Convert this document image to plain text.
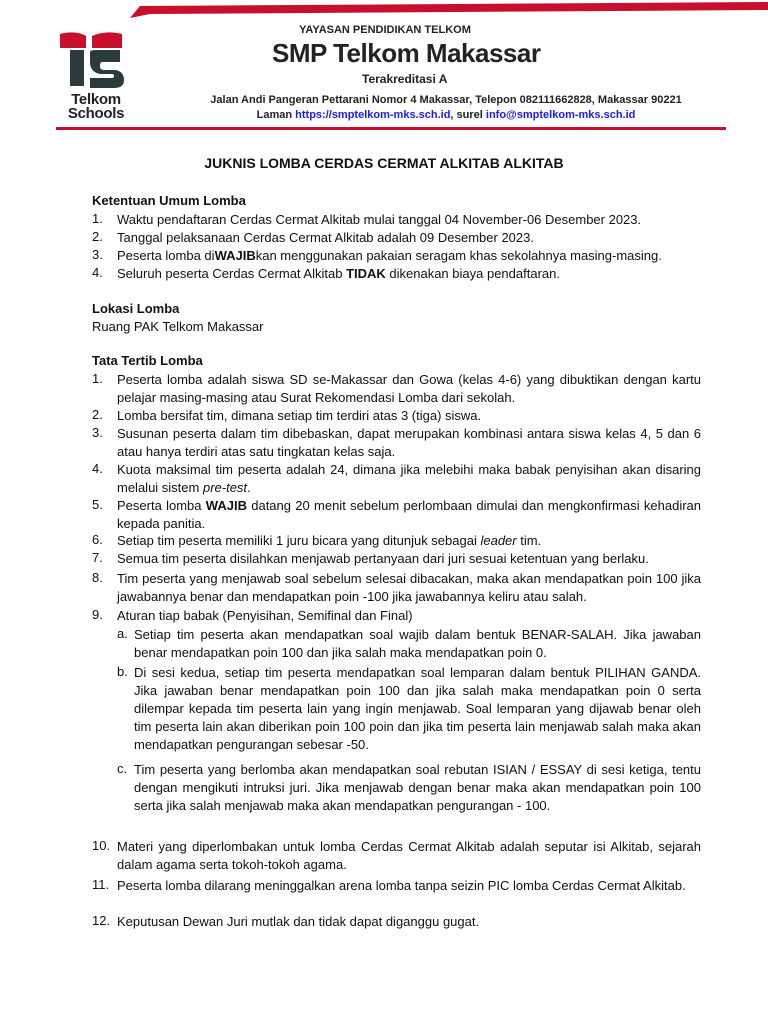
Telkom
Schools
YAYASAN PENDIDIKAN TELKOM
SMP Telkom Makassar
Terakreditasi A
Jalan Andi Pangeran Pettarani Nomor 4 Makassar, Telepon 082111662828, Makassar 90221
Laman https://smptelkom-mks.sch.id, surel info@smptelkom-mks.sch.id
JUKNIS LOMBA CERDAS CERMAT ALKITAB ALKITAB
Ketentuan Umum Lomba
1.	Waktu pendaftaran Cerdas Cermat Alkitab mulai tanggal 04 November-06 Desember 2023.
2.	Tanggal pelaksanaan Cerdas Cermat Alkitab adalah 09 Desember 2023.
3.	Peserta lomba diWAJIBkan menggunakan pakaian seragam khas sekolahnya masing-masing.
4.	Seluruh peserta Cerdas Cermat Alkitab TIDAK dikenakan biaya pendaftaran.
Lokasi Lomba
Ruang PAK Telkom Makassar
Tata Tertib Lomba
1.	Peserta lomba adalah siswa SD se-Makassar dan Gowa (kelas 4-6) yang dibuktikan dengan kartu pelajar masing-masing atau Surat Rekomendasi Lomba dari sekolah.
2.	Lomba bersifat tim, dimana setiap tim terdiri atas 3 (tiga) siswa.
3.	Susunan peserta dalam tim dibebaskan, dapat merupakan kombinasi antara siswa kelas 4, 5 dan 6 atau hanya terdiri atas satu tingkatan kelas saja.
4.	Kuota maksimal tim peserta adalah 24, dimana jika melebihi maka babak penyisihan akan disaring melalui sistem pre-test.
5.	Peserta lomba WAJIB datang 20 menit sebelum perlombaan dimulai dan mengkonfirmasi kehadiran kepada panitia.
6.	Setiap tim peserta memiliki 1 juru bicara yang ditunjuk sebagai leader tim.
7.	Semua tim peserta disilahkan menjawab pertanyaan dari juri sesuai ketentuan yang berlaku.
8.	Tim peserta yang menjawab soal sebelum selesai dibacakan, maka akan mendapatkan poin 100 jika jawabannya benar dan mendapatkan poin -100 jika jawabannya keliru atau salah.
9.	Aturan tiap babak (Penyisihan, Semifinal dan Final)
a. Setiap tim peserta akan mendapatkan soal wajib dalam bentuk BENAR-SALAH. Jika jawaban benar mendapatkan poin 100 dan jika salah maka mendapatkan poin 0.
b. Di sesi kedua, setiap tim peserta mendapatkan soal lemparan dalam bentuk PILIHAN GANDA. Jika jawaban benar mendapatkan poin 100 dan jika salah maka mendapatkan poin 0 serta dilempar kepada tim peserta lain yang ingin menjawab. Soal lemparan yang dijawab benar oleh tim peserta lain akan diberikan poin 100 poin dan jika tim peserta lain menjawab salah maka akan mendapatkan pengurangan sebesar -50.
c. Tim peserta yang berlomba akan mendapatkan soal rebutan ISIAN / ESSAY di sesi ketiga, tentu dengan mengikuti intruksi juri. Jika menjawab dengan benar maka akan mendapatkan poin 100 serta jika salah menjawab maka akan mendapatkan pengurangan - 100.
10. Materi yang diperlombakan untuk lomba Cerdas Cermat Alkitab adalah seputar isi Alkitab, sejarah dalam agama serta tokoh-tokoh agama.
11. Peserta lomba dilarang meninggalkan arena lomba tanpa seizin PIC lomba Cerdas Cermat Alkitab.
12. Keputusan Dewan Juri mutlak dan tidak dapat diganggu gugat.
